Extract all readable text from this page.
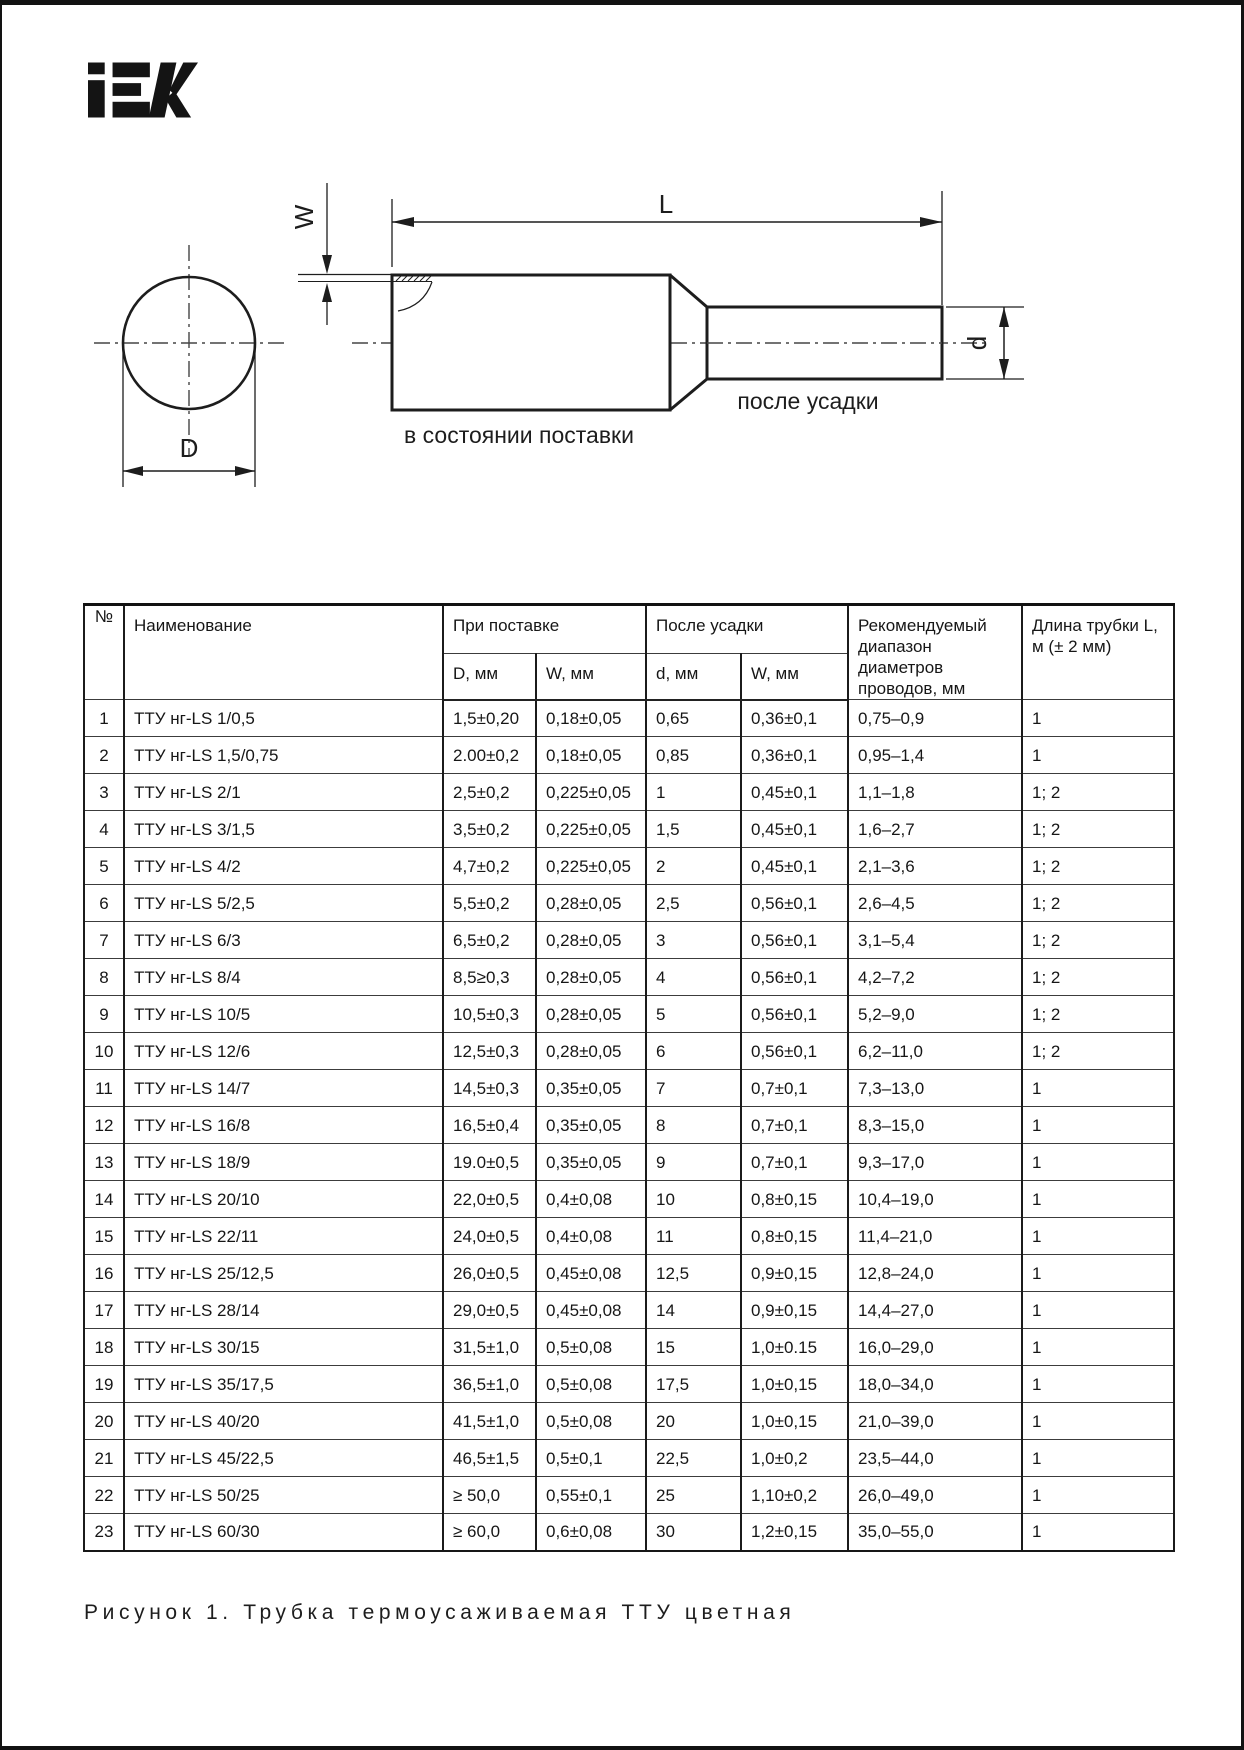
D
W
d
L
в состоянии поставки
после усадки
№	Наименование	При поставке		После усадки		Рекомендуемый диапазон диаметров проводов, мм	Длина трубки L, м (± 2 мм)
		D, мм	W, мм	d, мм	W, мм		
1	ТТУ нг-LS 1/0,5	1,5±0,20	0,18±0,05	0,65	0,36±0,1	0,75–0,9	1
2	ТТУ нг-LS 1,5/0,75	2.00±0,2	0,18±0,05	0,85	0,36±0,1	0,95–1,4	1
3	ТТУ нг-LS 2/1	2,5±0,2	0,225±0,05	1	0,45±0,1	1,1–1,8	1; 2
4	ТТУ нг-LS 3/1,5	3,5±0,2	0,225±0,05	1,5	0,45±0,1	1,6–2,7	1; 2
5	ТТУ нг-LS 4/2	4,7±0,2	0,225±0,05	2	0,45±0,1	2,1–3,6	1; 2
6	ТТУ нг-LS 5/2,5	5,5±0,2	0,28±0,05	2,5	0,56±0,1	2,6–4,5	1; 2
7	ТТУ нг-LS 6/3	6,5±0,2	0,28±0,05	3	0,56±0,1	3,1–5,4	1; 2
8	ТТУ нг-LS 8/4	8,5≥0,3	0,28±0,05	4	0,56±0,1	4,2–7,2	1; 2
9	ТТУ нг-LS 10/5	10,5±0,3	0,28±0,05	5	0,56±0,1	5,2–9,0	1; 2
10	ТТУ нг-LS 12/6	12,5±0,3	0,28±0,05	6	0,56±0,1	6,2–11,0	1; 2
11	ТТУ нг-LS 14/7	14,5±0,3	0,35±0,05	7	0,7±0,1	7,3–13,0	1
12	ТТУ нг-LS 16/8	16,5±0,4	0,35±0,05	8	0,7±0,1	8,3–15,0	1
13	ТТУ нг-LS 18/9	19.0±0,5	0,35±0,05	9	0,7±0,1	9,3–17,0	1
14	ТТУ нг-LS 20/10	22,0±0,5	0,4±0,08	10	0,8±0,15	10,4–19,0	1
15	ТТУ нг-LS 22/11	24,0±0,5	0,4±0,08	11	0,8±0,15	11,4–21,0	1
16	ТТУ нг-LS 25/12,5	26,0±0,5	0,45±0,08	12,5	0,9±0,15	12,8–24,0	1
17	ТТУ нг-LS 28/14	29,0±0,5	0,45±0,08	14	0,9±0,15	14,4–27,0	1
18	ТТУ нг-LS 30/15	31,5±1,0	0,5±0,08	15	1,0±0.15	16,0–29,0	1
19	ТТУ нг-LS 35/17,5	36,5±1,0	0,5±0,08	17,5	1,0±0,15	18,0–34,0	1
20	ТТУ нг-LS 40/20	41,5±1,0	0,5±0,08	20	1,0±0,15	21,0–39,0	1
21	ТТУ нг-LS 45/22,5	46,5±1,5	0,5±0,1	22,5	1,0±0,2	23,5–44,0	1
22	ТТУ нг-LS 50/25	≥ 50,0	0,55±0,1	25	1,10±0,2	26,0–49,0	1
23	ТТУ нг-LS 60/30	≥ 60,0	0,6±0,08	30	1,2±0,15	35,0–55,0	1
Рисунок 1. Трубка термоусаживаемая ТТУ цветная
